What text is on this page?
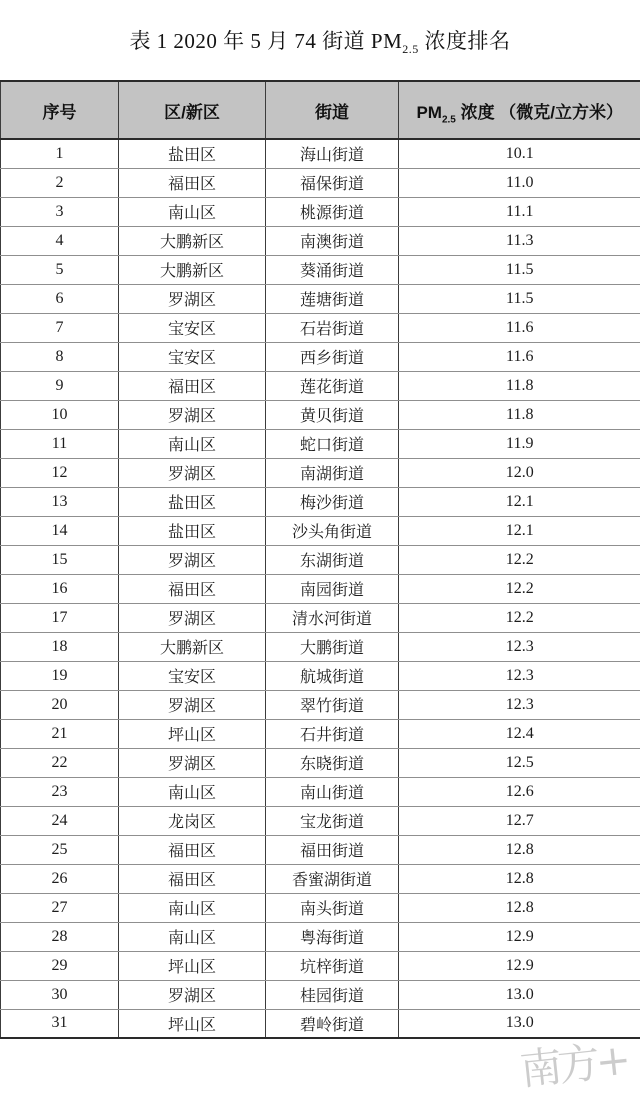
表 1 2020 年 5 月 74 街道 $PM_{2.5}$ 浓度排名
序号	区/新区	街道	$PM_{2.5}$ 浓度 （微克/立方米）
1	盐田区	海山街道	10.1
2	福田区	福保街道	11.0
3	南山区	桃源街道	11.1
4	大鹏新区	南澳街道	11.3
5	大鹏新区	葵涌街道	11.5
6	罗湖区	莲塘街道	11.5
7	宝安区	石岩街道	11.6
8	宝安区	西乡街道	11.6
9	福田区	莲花街道	11.8
10	罗湖区	黄贝街道	11.8
11	南山区	蛇口街道	11.9
12	罗湖区	南湖街道	12.0
13	盐田区	梅沙街道	12.1
14	盐田区	沙头角街道	12.1
15	罗湖区	东湖街道	12.2
16	福田区	南园街道	12.2
17	罗湖区	清水河街道	12.2
18	大鹏新区	大鹏街道	12.3
19	宝安区	航城街道	12.3
20	罗湖区	翠竹街道	12.3
21	坪山区	石井街道	12.4
22	罗湖区	东晓街道	12.5
23	南山区	南山街道	12.6
24	龙岗区	宝龙街道	12.7
25	福田区	福田街道	12.8
26	福田区	香蜜湖街道	12.8
27	南山区	南头街道	12.8
28	南山区	粤海街道	12.9
29	坪山区	坑梓街道	12.9
30	罗湖区	桂园街道	13.0
31	坪山区	碧岭街道	13.0
南方+
